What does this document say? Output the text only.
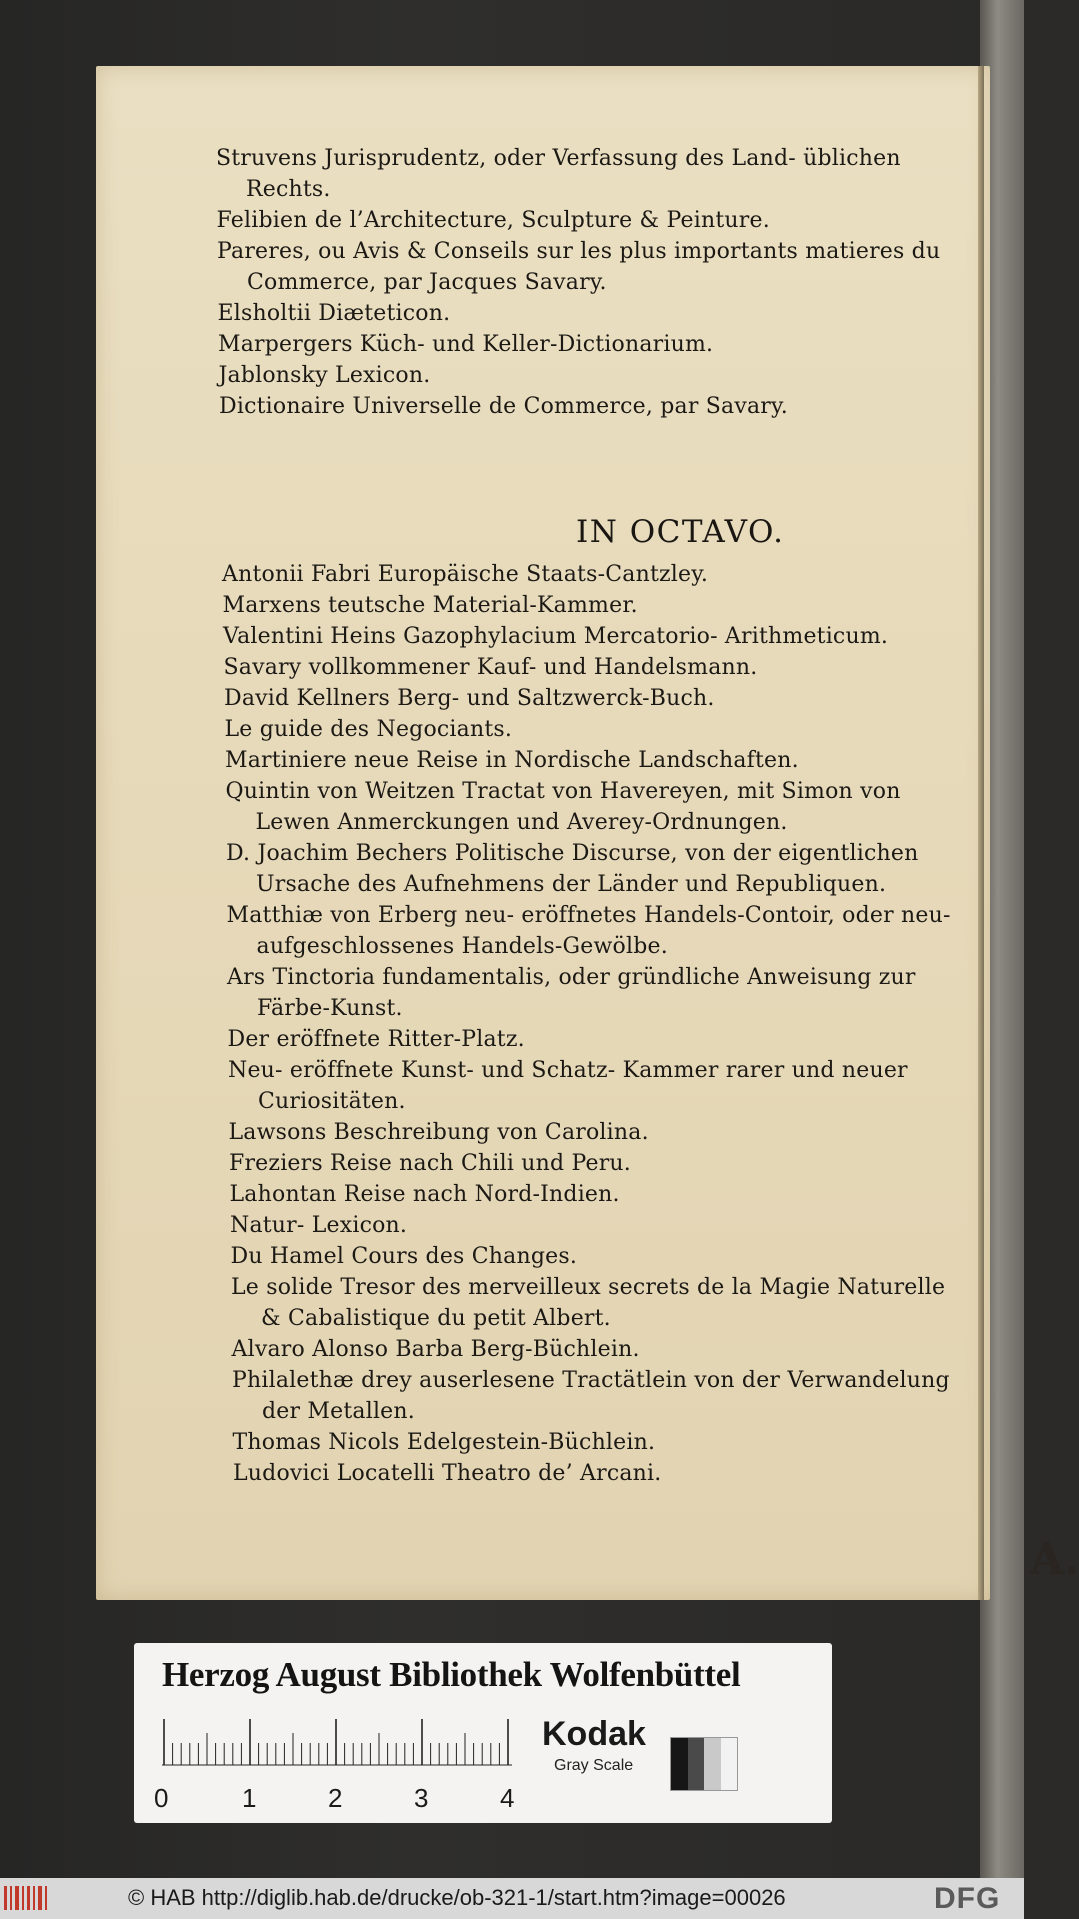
IN OCTAVO.
A.
Struvens Jurisprudentz, oder Verfassung des Land- üblichen
Rechts.
Felibien de l’Architecture, Sculpture & Peinture.
Pareres, ou Avis & Conseils sur les plus importants matieres du
Commerce, par Jacques Savary.
Elsholtii Diæteticon.
Marpergers Küch- und Keller-Dictionarium.
Jablonsky Lexicon.
Dictionaire Universelle de Commerce, par Savary.
Antonii Fabri Europäische Staats-Cantzley.
Marxens teutsche Material-Kammer.
Valentini Heins Gazophylacium Mercatorio- Arithmeticum.
Savary vollkommener Kauf- und Handelsmann.
David Kellners Berg- und Saltzwerck-Buch.
Le guide des Negociants.
Martiniere neue Reise in Nordische Landschaften.
Quintin von Weitzen Tractat von Havereyen, mit Simon von
Lewen Anmerckungen und Averey-Ordnungen.
D. Joachim Bechers Politische Discurse, von der eigentlichen
Ursache des Aufnehmens der Länder und Republiquen.
Matthiæ von Erberg neu- eröffnetes Handels-Contoir, oder neu-
aufgeschlossenes Handels-Gewölbe.
Ars Tinctoria fundamentalis, oder gründliche Anweisung zur
Färbe-Kunst.
Der eröffnete Ritter-Platz.
Neu- eröffnete Kunst- und Schatz- Kammer rarer und neuer
Curiositäten.
Lawsons Beschreibung von Carolina.
Freziers Reise nach Chili und Peru.
Lahontan Reise nach Nord-Indien.
Natur- Lexicon.
Du Hamel Cours des Changes.
Le solide Tresor des merveilleux secrets de la Magie Naturelle
& Cabalistique du petit Albert.
Alvaro Alonso Barba Berg-Büchlein.
Philalethæ drey auserlesene Tractätlein von der Verwandelung
der Metallen.
Thomas Nicols Edelgestein-Büchlein.
Ludovici Locatelli Theatro de’ Arcani.
Herzog August Bibliothek Wolfenbüttel
0	1	2	3	4
Kodak
Gray Scale
© HAB http://diglib.hab.de/drucke/ob-321-1/start.htm?image=00026	DFG
